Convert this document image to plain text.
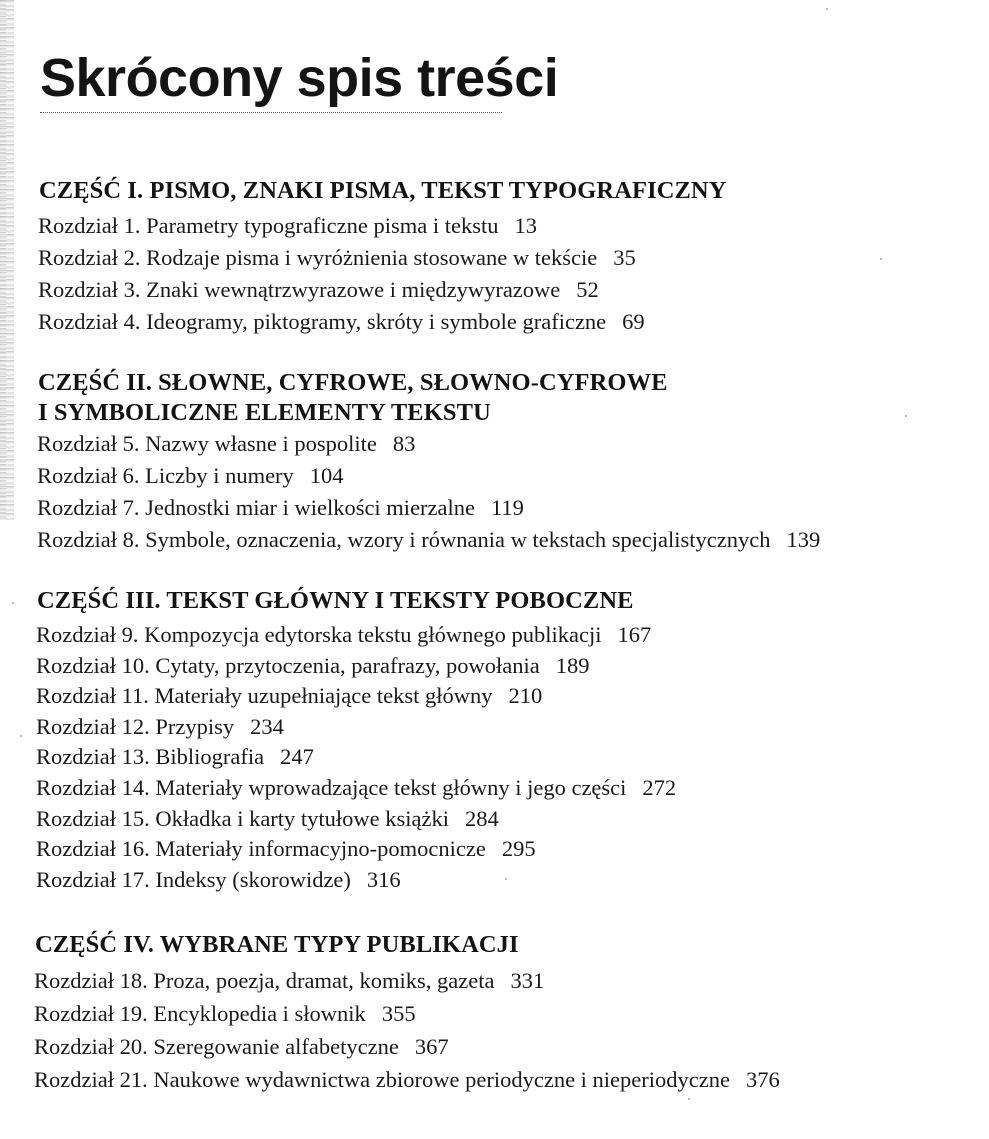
Skrócony spis treści
CZĘŚĆ I. PISMO, ZNAKI PISMA, TEKST TYPOGRAFICZNY
Rozdział 1. Parametry typograficzne pisma i tekstu 13
Rozdział 2. Rodzaje pisma i wyróżnienia stosowane w tekście 35
Rozdział 3. Znaki wewnątrzwyrazowe i międzywyrazowe 52
Rozdział 4. Ideogramy, piktogramy, skróty i symbole graficzne 69
CZĘŚĆ II. SŁOWNE, CYFROWE, SŁOWNO-CYFROWE
I SYMBOLICZNE ELEMENTY TEKSTU
Rozdział 5. Nazwy własne i pospolite 83
Rozdział 6. Liczby i numery 104
Rozdział 7. Jednostki miar i wielkości mierzalne 119
Rozdział 8. Symbole, oznaczenia, wzory i równania w tekstach specjalistycznych 139
CZĘŚĆ III. TEKST GŁÓWNY I TEKSTY POBOCZNE
Rozdział 9. Kompozycja edytorska tekstu głównego publikacji 167
Rozdział 10. Cytaty, przytoczenia, parafrazy, powołania 189
Rozdział 11. Materiały uzupełniające tekst główny 210
Rozdział 12. Przypisy 234
Rozdział 13. Bibliografia 247
Rozdział 14. Materiały wprowadzające tekst główny i jego części 272
Rozdział 15. Okładka i karty tytułowe książki 284
Rozdział 16. Materiały informacyjno-pomocnicze 295
Rozdział 17. Indeksy (skorowidze) 316
CZĘŚĆ IV. WYBRANE TYPY PUBLIKACJI
Rozdział 18. Proza, poezja, dramat, komiks, gazeta 331
Rozdział 19. Encyklopedia i słownik 355
Rozdział 20. Szeregowanie alfabetyczne 367
Rozdział 21. Naukowe wydawnictwa zbiorowe periodyczne i nieperiodyczne 376
